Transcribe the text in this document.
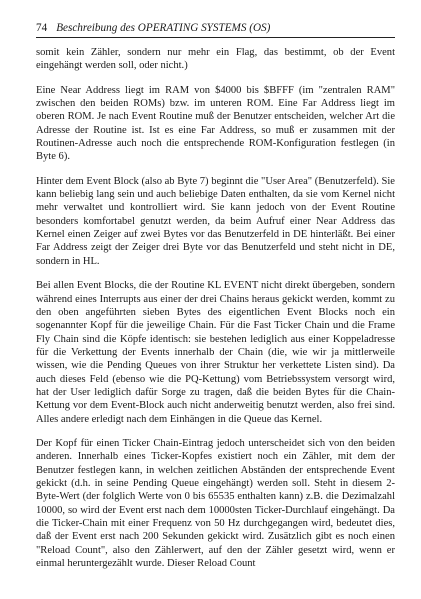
74 Beschreibung des OPERATING SYSTEMS (OS)

somit kein Zähler, sondern nur mehr ein Flag, das bestimmt, ob der Event eingehängt werden soll, oder nicht.)

Eine Near Address liegt im RAM von $4000 bis $BFFF (im "zentralen RAM" zwischen den beiden ROMs) bzw. im unteren ROM. Eine Far Address liegt im oberen ROM. Je nach Event Routine muß der Benutzer entscheiden, welcher Art die Adresse der Routine ist. Ist es eine Far Address, so muß er zusammen mit der Routinen-Adresse auch noch die entsprechende ROM-Konfiguration festlegen (in Byte 6).

Hinter dem Event Block (also ab Byte 7) beginnt die "User Area" (Benutzerfeld). Sie kann beliebig lang sein und auch beliebige Daten enthalten, da sie vom Kernel nicht mehr verwaltet und kontrolliert wird. Sie kann jedoch von der Event Routine besonders komfortabel genutzt werden, da beim Aufruf einer Near Address das Kernel einen Zeiger auf zwei Bytes vor das Benutzerfeld in DE hinterläßt. Bei einer Far Address zeigt der Zeiger drei Byte vor das Benutzerfeld und steht nicht in DE, sondern in HL.

Bei allen Event Blocks, die der Routine KL EVENT nicht direkt übergeben, sondern während eines Interrupts aus einer der drei Chains heraus gekickt werden, kommt zu den oben angeführten sieben Bytes des eigentlichen Event Blocks noch ein sogenannter Kopf für die jeweilige Chain. Für die Fast Ticker Chain und die Frame Fly Chain sind die Köpfe identisch: sie bestehen lediglich aus einer Koppeladresse für die Verkettung der Events innerhalb der Chain (die, wie wir ja mittlerweile wissen, wie die Pending Queues von ihrer Struktur her verkettete Listen sind). Da auch dieses Feld (ebenso wie die PQ-Kettung) vom Betriebssystem versorgt wird, hat der User lediglich dafür Sorge zu tragen, daß die beiden Bytes für die Chain-Kettung vor dem Event-Block auch nicht anderweitig benutzt werden, also frei sind. Alles andere erledigt nach dem Einhängen in die Queue das Kernel.

Der Kopf für einen Ticker Chain-Eintrag jedoch unterscheidet sich von den beiden anderen. Innerhalb eines Ticker-Kopfes existiert noch ein Zähler, mit dem der Benutzer festlegen kann, in welchen zeitlichen Abständen der entsprechende Event gekickt (d.h. in seine Pending Queue eingehängt) werden soll. Steht in diesem 2-Byte-Wert (der folglich Werte von 0 bis 65535 enthalten kann) z.B. die Dezimalzahl 10000, so wird der Event erst nach dem 10000sten Ticker-Durchlauf eingehängt. Da die Ticker-Chain mit einer Frequenz von 50 Hz durchgegangen wird, bedeutet dies, daß der Event erst nach 200 Sekunden gekickt wird. Zusätzlich gibt es noch einen "Reload Count", also den Zählerwert, auf den der Zähler gesetzt wird, wenn er einmal heruntergezählt wurde. Dieser Reload Count
